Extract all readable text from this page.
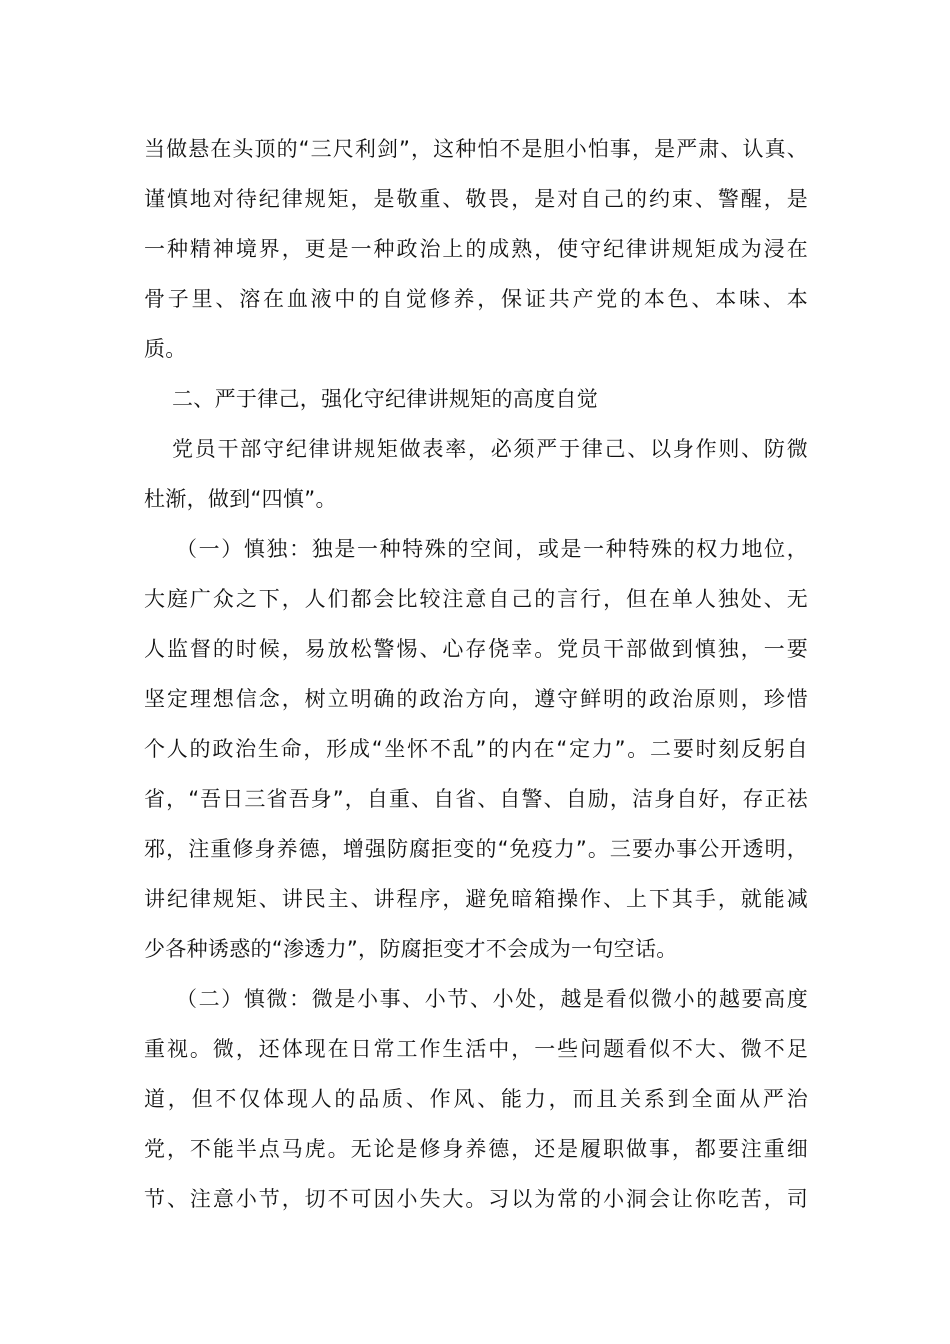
当做悬在头顶的“三尺利剑”，这种怕不是胆小怕事，是严肃、认真、
谨慎地对待纪律规矩，是敬重、敬畏，是对自己的约束、警醒，是
一种精神境界，更是一种政治上的成熟，使守纪律讲规矩成为浸在
骨子里、溶在血液中的自觉修养，保证共产党的本色、本味、本
质。
二、严于律己，强化守纪律讲规矩的高度自觉
党员干部守纪律讲规矩做表率，必须严于律己、以身作则、防微
杜渐，做到“四慎”。
（一）慎独：独是一种特殊的空间，或是一种特殊的权力地位，
大庭广众之下，人们都会比较注意自己的言行，但在单人独处、无
人监督的时候，易放松警惕、心存侥幸。党员干部做到慎独，一要
坚定理想信念，树立明确的政治方向，遵守鲜明的政治原则，珍惜
个人的政治生命，形成“坐怀不乱”的内在“定力”。二要时刻反躬自
省，“吾日三省吾身”，自重、自省、自警、自励，洁身自好，存正祛
邪，注重修身养德，增强防腐拒变的“免疫力”。三要办事公开透明，
讲纪律规矩、讲民主、讲程序，避免暗箱操作、上下其手，就能减
少各种诱惑的“渗透力”，防腐拒变才不会成为一句空话。
（二）慎微：微是小事、小节、小处，越是看似微小的越要高度
重视。微，还体现在日常工作生活中，一些问题看似不大、微不足
道，但不仅体现人的品质、作风、能力，而且关系到全面从严治
党，不能半点马虎。无论是修身养德，还是履职做事，都要注重细
节、注意小节，切不可因小失大。习以为常的小洞会让你吃苦，司
